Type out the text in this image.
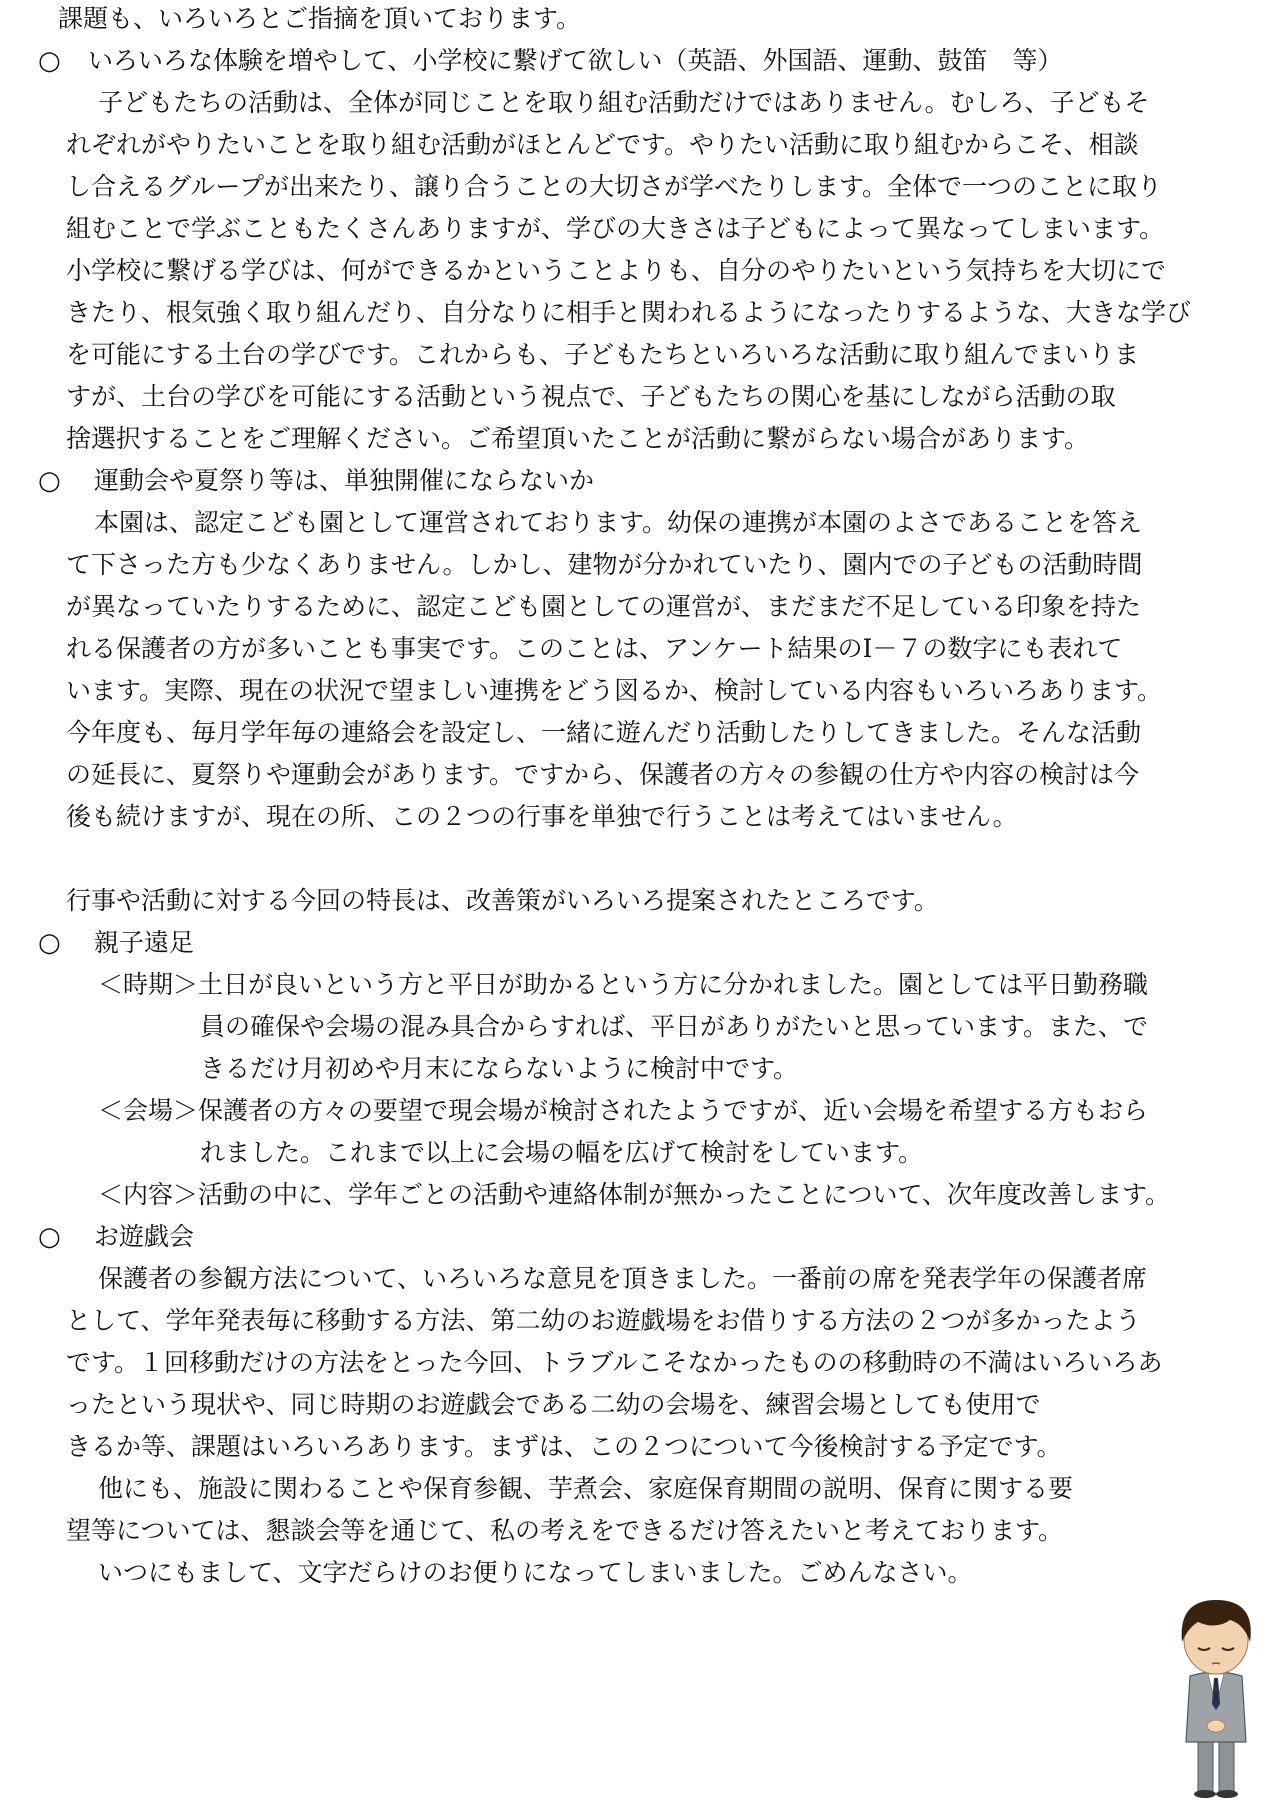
課題も、いろいろとご指摘を頂いております。
○ いろいろな体験を増やして、小学校に繋げて欲しい（英語、外国語、運動、鼓笛　等）
子どもたちの活動は、全体が同じことを取り組む活動だけではありません。むしろ、子どもそ
れぞれがやりたいことを取り組む活動がほとんどです。やりたい活動に取り組むからこそ、相談
し合えるグループが出来たり、譲り合うことの大切さが学べたりします。全体で一つのことに取り
組むことで学ぶこともたくさんありますが、学びの大きさは子どもによって異なってしまいます。
小学校に繋げる学びは、何ができるかということよりも、自分のやりたいという気持ちを大切にで
きたり、根気強く取り組んだり、自分なりに相手と関われるようになったりするような、大きな学び
を可能にする土台の学びです。これからも、子どもたちといろいろな活動に取り組んでまいりま
すが、土台の学びを可能にする活動という視点で、子どもたちの関心を基にしながら活動の取
捨選択することをご理解ください。ご希望頂いたことが活動に繋がらない場合があります。
○ 運動会や夏祭り等は、単独開催にならないか
本園は、認定こども園として運営されております。幼保の連携が本園のよさであることを答え
て下さった方も少なくありません。しかし、建物が分かれていたり、園内での子どもの活動時間
が異なっていたりするために、認定こども園としての運営が、まだまだ不足している印象を持た
れる保護者の方が多いことも事実です。このことは、アンケート結果のⅠ－７の数字にも表れて
います。実際、現在の状況で望ましい連携をどう図るか、検討している内容もいろいろあります。
今年度も、毎月学年毎の連絡会を設定し、一緒に遊んだり活動したりしてきました。そんな活動
の延長に、夏祭りや運動会があります。ですから、保護者の方々の参観の仕方や内容の検討は今
後も続けますが、現在の所、この２つの行事を単独で行うことは考えてはいません。
行事や活動に対する今回の特長は、改善策がいろいろ提案されたところです。
○ 親子遠足
＜時期＞土日が良いという方と平日が助かるという方に分かれました。園としては平日勤務職
員の確保や会場の混み具合からすれば、平日がありがたいと思っています。また、で
きるだけ月初めや月末にならないように検討中です。
＜会場＞保護者の方々の要望で現会場が検討されたようですが、近い会場を希望する方もおら
れました。これまで以上に会場の幅を広げて検討をしています。
＜内容＞活動の中に、学年ごとの活動や連絡体制が無かったことについて、次年度改善します。
○ お遊戯会
保護者の参観方法について、いろいろな意見を頂きました。一番前の席を発表学年の保護者席
として、学年発表毎に移動する方法、第二幼のお遊戯場をお借りする方法の２つが多かったよう
です。１回移動だけの方法をとった今回、トラブルこそなかったものの移動時の不満はいろいろあ
ったという現状や、同じ時期のお遊戯会である二幼の会場を、練習会場としても使用で
きるか等、課題はいろいろあります。まずは、この２つについて今後検討する予定です。
他にも、施設に関わることや保育参観、芋煮会、家庭保育期間の説明、保育に関する要
望等については、懇談会等を通じて、私の考えをできるだけ答えたいと考えております。
いつにもまして、文字だらけのお便りになってしまいました。ごめんなさい。
